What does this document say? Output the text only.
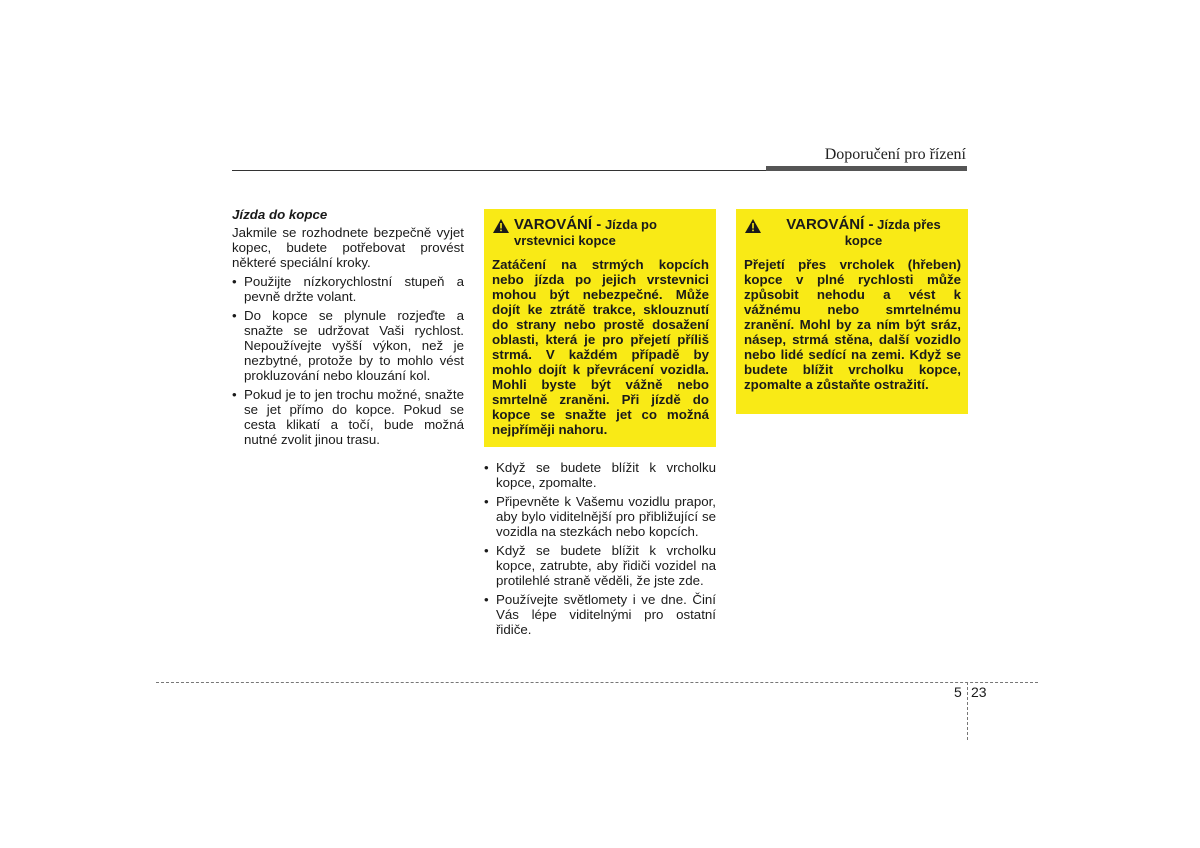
Doporučení pro řízení
Jízda do kopce

Jakmile se rozhodnete bezpečně vyjet kopec, budete potřebovat provést některé speciální kroky.

• Použijte nízkorychlostní stupeň a pevně držte volant.
• Do kopce se plynule rozjeďte a snažte se udržovat Vaši rychlost. Nepoužívejte vyšší výkon, než je nezbytné, protože by to mohlo vést prokluzování nebo klouzání kol.
• Pokud je to jen trochu možné, snažte se jet přímo do kopce. Pokud se cesta klikatí a točí, bude možná nutné zvolit jinou trasu.
VAROVÁNÍ - Jízda po vrstevnici kopce

Zatáčení na strmých kopcích nebo jízda po jejich vrstevnici mohou být nebezpečné. Může dojít ke ztrátě trakce, sklouznutí do strany nebo prostě dosažení oblasti, která je pro přejetí příliš strmá. V každém případě by mohlo dojít k převrácení vozidla. Mohli byste být vážně nebo smrtelně zraněni. Při jízdě do kopce se snažte jet co možná nejpříměji nahoru.

VAROVÁNÍ - Jízda přes kopce

Přejetí přes vrcholek (hřeben) kopce v plné rychlosti může způsobit nehodu a vést k vážnému nebo smrtelnému zranění. Mohl by za ním být sráz, násep, strmá stěna, další vozidlo nebo lidé sedící na zemi. Když se budete blížit vrcholku kopce, zpomalte a zůstaňte ostražití.

• Když se budete blížit k vrcholku kopce, zpomalte.
• Připevněte k Vašemu vozidlu prapor, aby bylo viditelnější pro přibližující se vozidla na stezkách nebo kopcích.
• Když se budete blížit k vrcholku kopce, zatrubte, aby řidiči vozidel na protilehlé straně věděli, že jste zde.
• Používejte světlomety i ve dne. Činí Vás lépe viditelnými pro ostatní řidiče.
5 23
